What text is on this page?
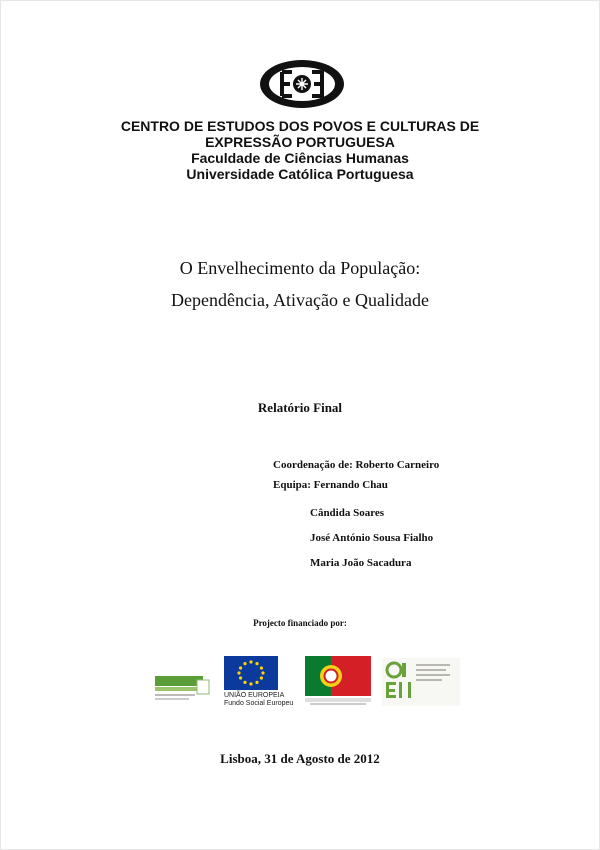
CENTRO DE ESTUDOS DOS POVOS E CULTURAS DE
EXPRESSÃO PORTUGUESA
Faculdade de Ciências Humanas
Universidade Católica Portuguesa
O Envelhecimento da População:
Dependência, Ativação e Qualidade
Relatório Final
Coordenação de: Roberto Carneiro
Equipa: Fernando Chau
Cândida Soares
José António Sousa Fialho
Maria João Sacadura
Projecto financiado por:
UNIÃO EUROPEIA
Fundo Social Europeu
Lisboa, 31 de Agosto de 2012
